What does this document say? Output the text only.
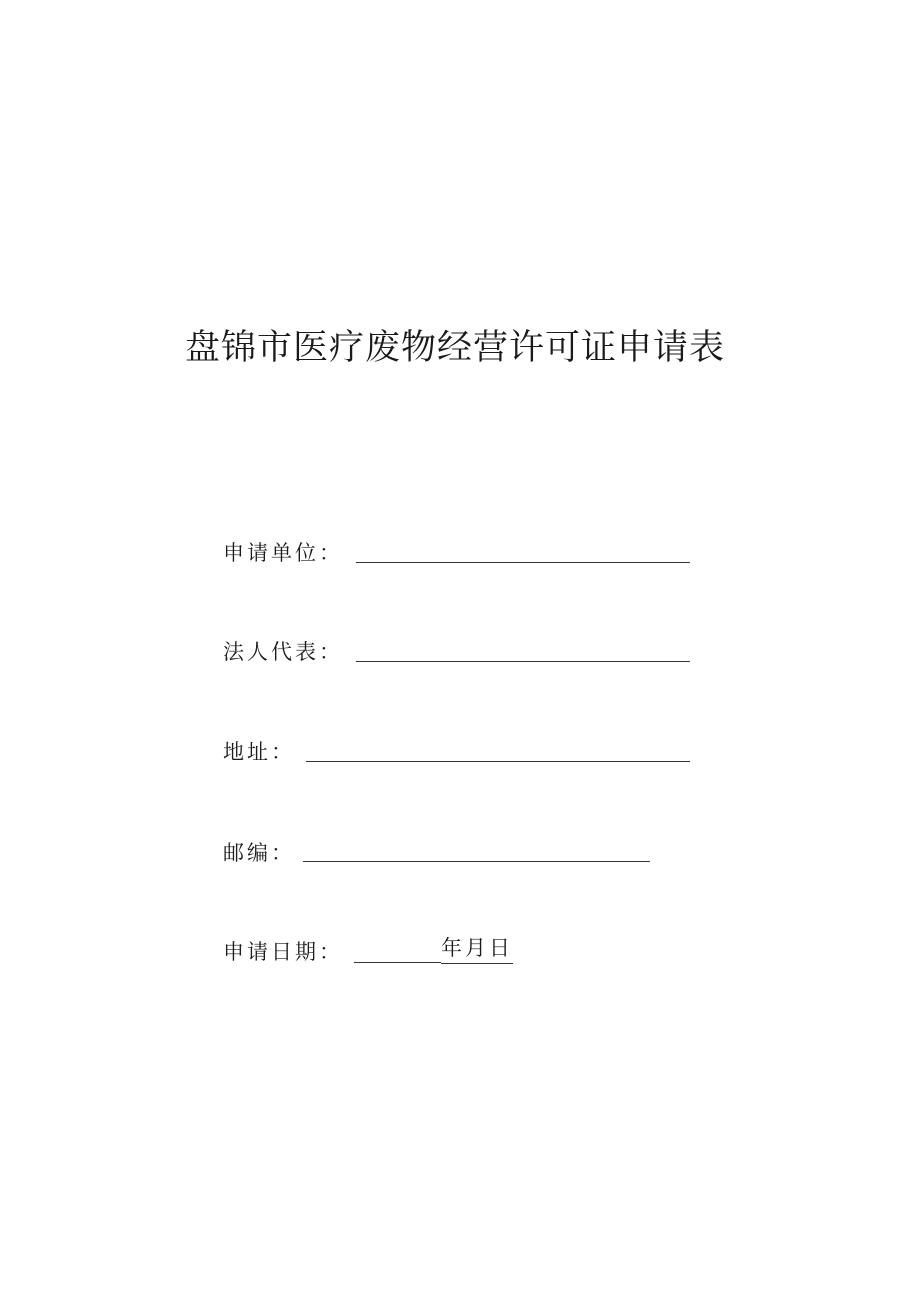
盘锦市医疗废物经营许可证申请表
申请单位：
法人代表：
地址：
邮编：
申请日期：	年月日
